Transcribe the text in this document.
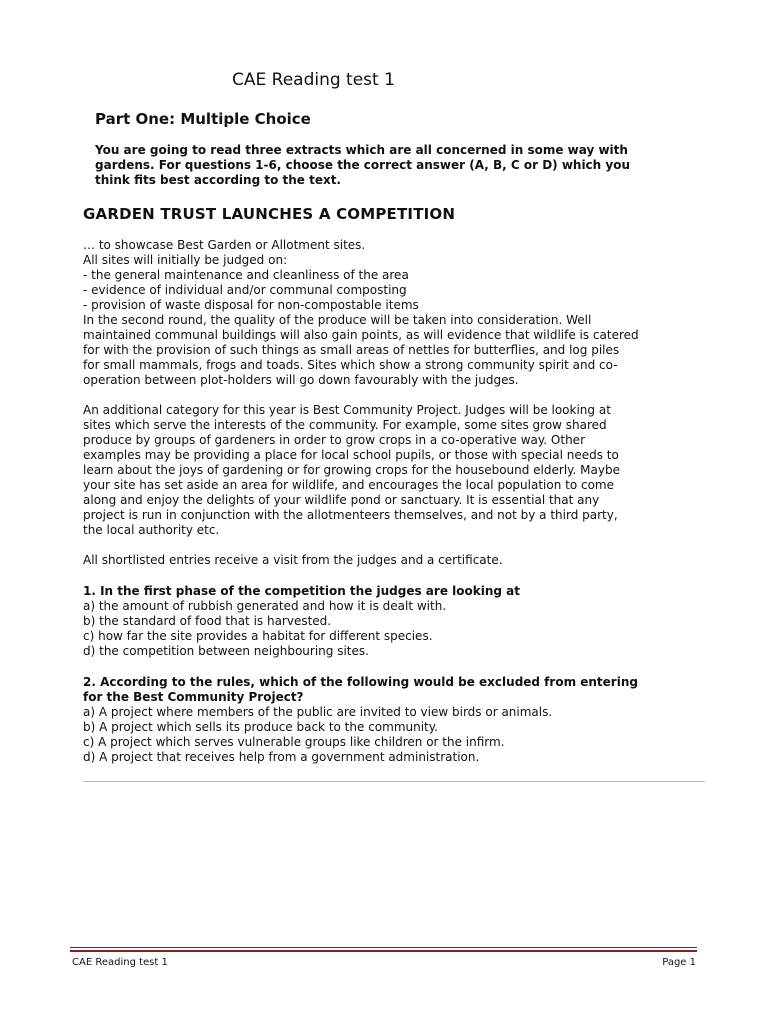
CAE Reading test 1
Part One: Multiple Choice
You are going to read three extracts which are all concerned in some way with
gardens. For questions 1-6, choose the correct answer (A, B, C or D) which you
think fits best according to the text.
GARDEN TRUST LAUNCHES A COMPETITION
… to showcase Best Garden or Allotment sites.
All sites will initially be judged on:
- the general maintenance and cleanliness of the area
- evidence of individual and/or communal composting
- provision of waste disposal for non-compostable items
In the second round, the quality of the produce will be taken into consideration. Well
maintained communal buildings will also gain points, as will evidence that wildlife is catered
for with the provision of such things as small areas of nettles for butterflies, and log piles
for small mammals, frogs and toads. Sites which show a strong community spirit and co-
operation between plot-holders will go down favourably with the judges.
An additional category for this year is Best Community Project. Judges will be looking at
sites which serve the interests of the community. For example, some sites grow shared
produce by groups of gardeners in order to grow crops in a co-operative way. Other
examples may be providing a place for local school pupils, or those with special needs to
learn about the joys of gardening or for growing crops for the housebound elderly. Maybe
your site has set aside an area for wildlife, and encourages the local population to come
along and enjoy the delights of your wildlife pond or sanctuary. It is essential that any
project is run in conjunction with the allotmenteers themselves, and not by a third party,
the local authority etc.
All shortlisted entries receive a visit from the judges and a certificate.
1. In the first phase of the competition the judges are looking at
a) the amount of rubbish generated and how it is dealt with.
b) the standard of food that is harvested.
c) how far the site provides a habitat for different species.
d) the competition between neighbouring sites.
2. According to the rules, which of the following would be excluded from entering
for the Best Community Project?
a) A project where members of the public are invited to view birds or animals.
b) A project which sells its produce back to the community.
c) A project which serves vulnerable groups like children or the infirm.
d) A project that receives help from a government administration.
CAE Reading test 1	Page 1
